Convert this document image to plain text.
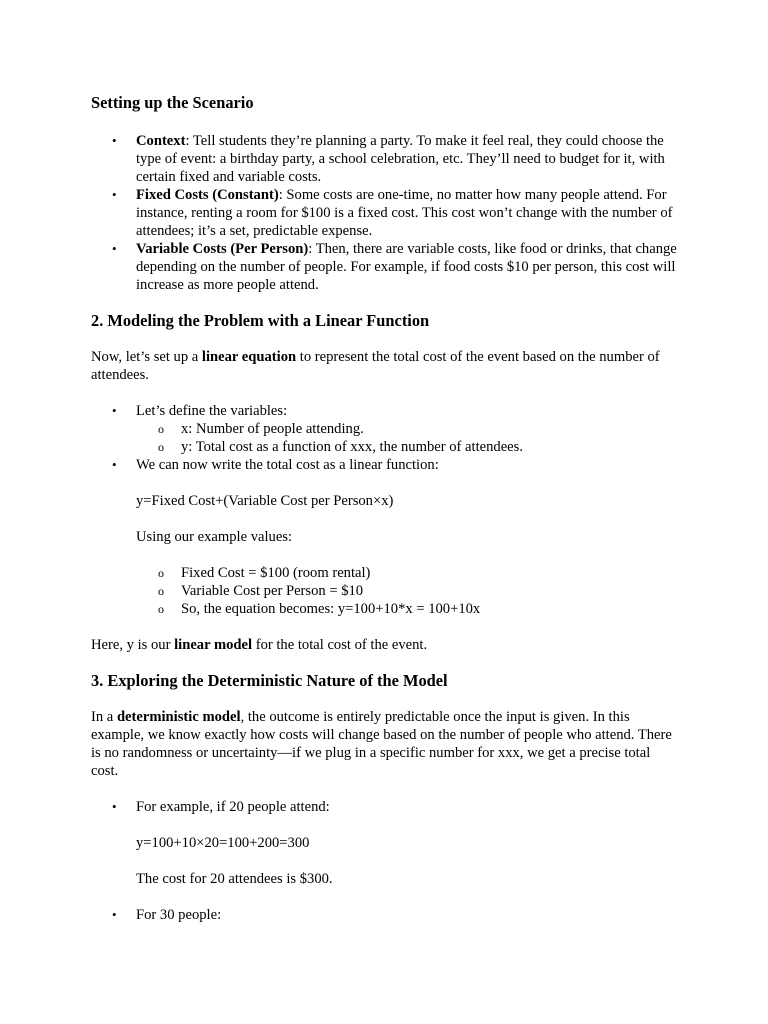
Setting up the Scenario
• Context: Tell students they’re planning a party. To make it feel real, they could choose the type of event: a birthday party, a school celebration, etc. They’ll need to budget for it, with certain fixed and variable costs.
• Fixed Costs (Constant): Some costs are one-time, no matter how many people attend. For instance, renting a room for $100 is a fixed cost. This cost won’t change with the number of attendees; it’s a set, predictable expense.
• Variable Costs (Per Person): Then, there are variable costs, like food or drinks, that change depending on the number of people. For example, if food costs $10 per person, this cost will increase as more people attend.
2. Modeling the Problem with a Linear Function

Now, let’s set up a linear equation to represent the total cost of the event based on the number of attendees.

• Let’s define the variables:
o x: Number of people attending.
o y: Total cost as a function of xxx, the number of attendees.
• We can now write the total cost as a linear function:

y=Fixed Cost+(Variable Cost per Person×x)

Using our example values:

o Fixed Cost = $100 (room rental)
o Variable Cost per Person = $10
o So, the equation becomes: y=100+10*x = 100+10x

Here, y is our linear model for the total cost of the event.

3. Exploring the Deterministic Nature of the Model

In a deterministic model, the outcome is entirely predictable once the input is given. In this example, we know exactly how costs will change based on the number of people who attend. There is no randomness or uncertainty—if we plug in a specific number for xxx, we get a precise total cost.

• For example, if 20 people attend:
y=100+10×20=100+200=300
The cost for 20 attendees is $300.
• For 30 people:
